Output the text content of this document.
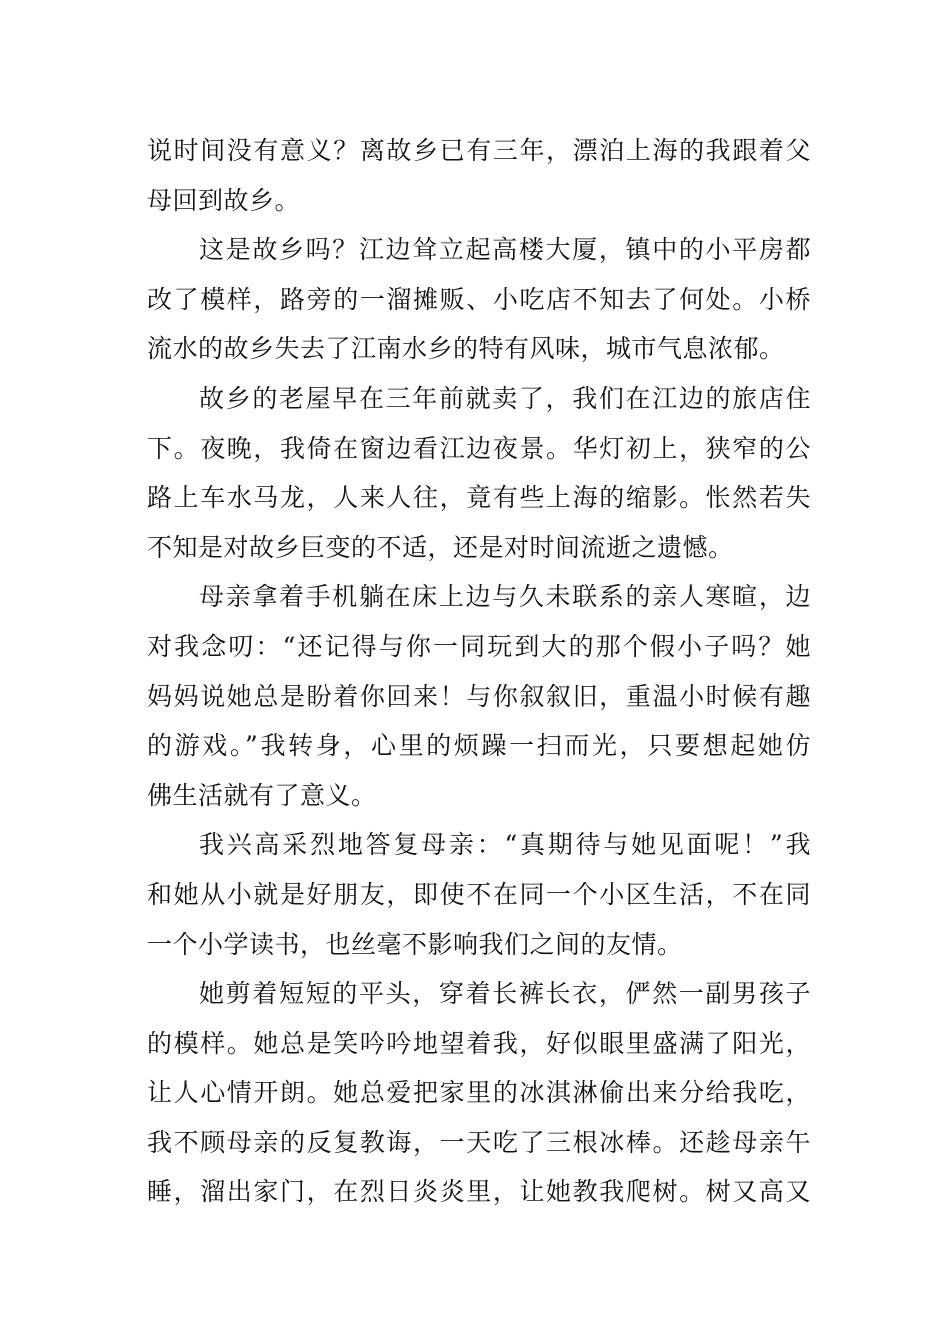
说时间没有意义？离故乡已有三年，漂泊上海的我跟着父
母回到故乡。
这是故乡吗？江边耸立起高楼大厦，镇中的小平房都
改了模样，路旁的一溜摊贩、小吃店不知去了何处。小桥
流水的故乡失去了江南水乡的特有风味，城市气息浓郁。
故乡的老屋早在三年前就卖了，我们在江边的旅店住
下。夜晚，我倚在窗边看江边夜景。华灯初上，狭窄的公
路上车水马龙，人来人往，竟有些上海的缩影。怅然若失
不知是对故乡巨变的不适，还是对时间流逝之遗憾。
母亲拿着手机躺在床上边与久未联系的亲人寒暄，边
对我念叨：“还记得与你一同玩到大的那个假小子吗？她
妈妈说她总是盼着你回来！与你叙叙旧，重温小时候有趣
的游戏。”我转身，心里的烦躁一扫而光，只要想起她仿
佛生活就有了意义。
我兴高采烈地答复母亲：“真期待与她见面呢！”我
和她从小就是好朋友，即使不在同一个小区生活，不在同
一个小学读书，也丝毫不影响我们之间的友情。
她剪着短短的平头，穿着长裤长衣，俨然一副男孩子
的模样。她总是笑吟吟地望着我，好似眼里盛满了阳光，
让人心情开朗。她总爱把家里的冰淇淋偷出来分给我吃，
我不顾母亲的反复教诲，一天吃了三根冰棒。还趁母亲午
睡，溜出家门，在烈日炎炎里，让她教我爬树。树又高又
